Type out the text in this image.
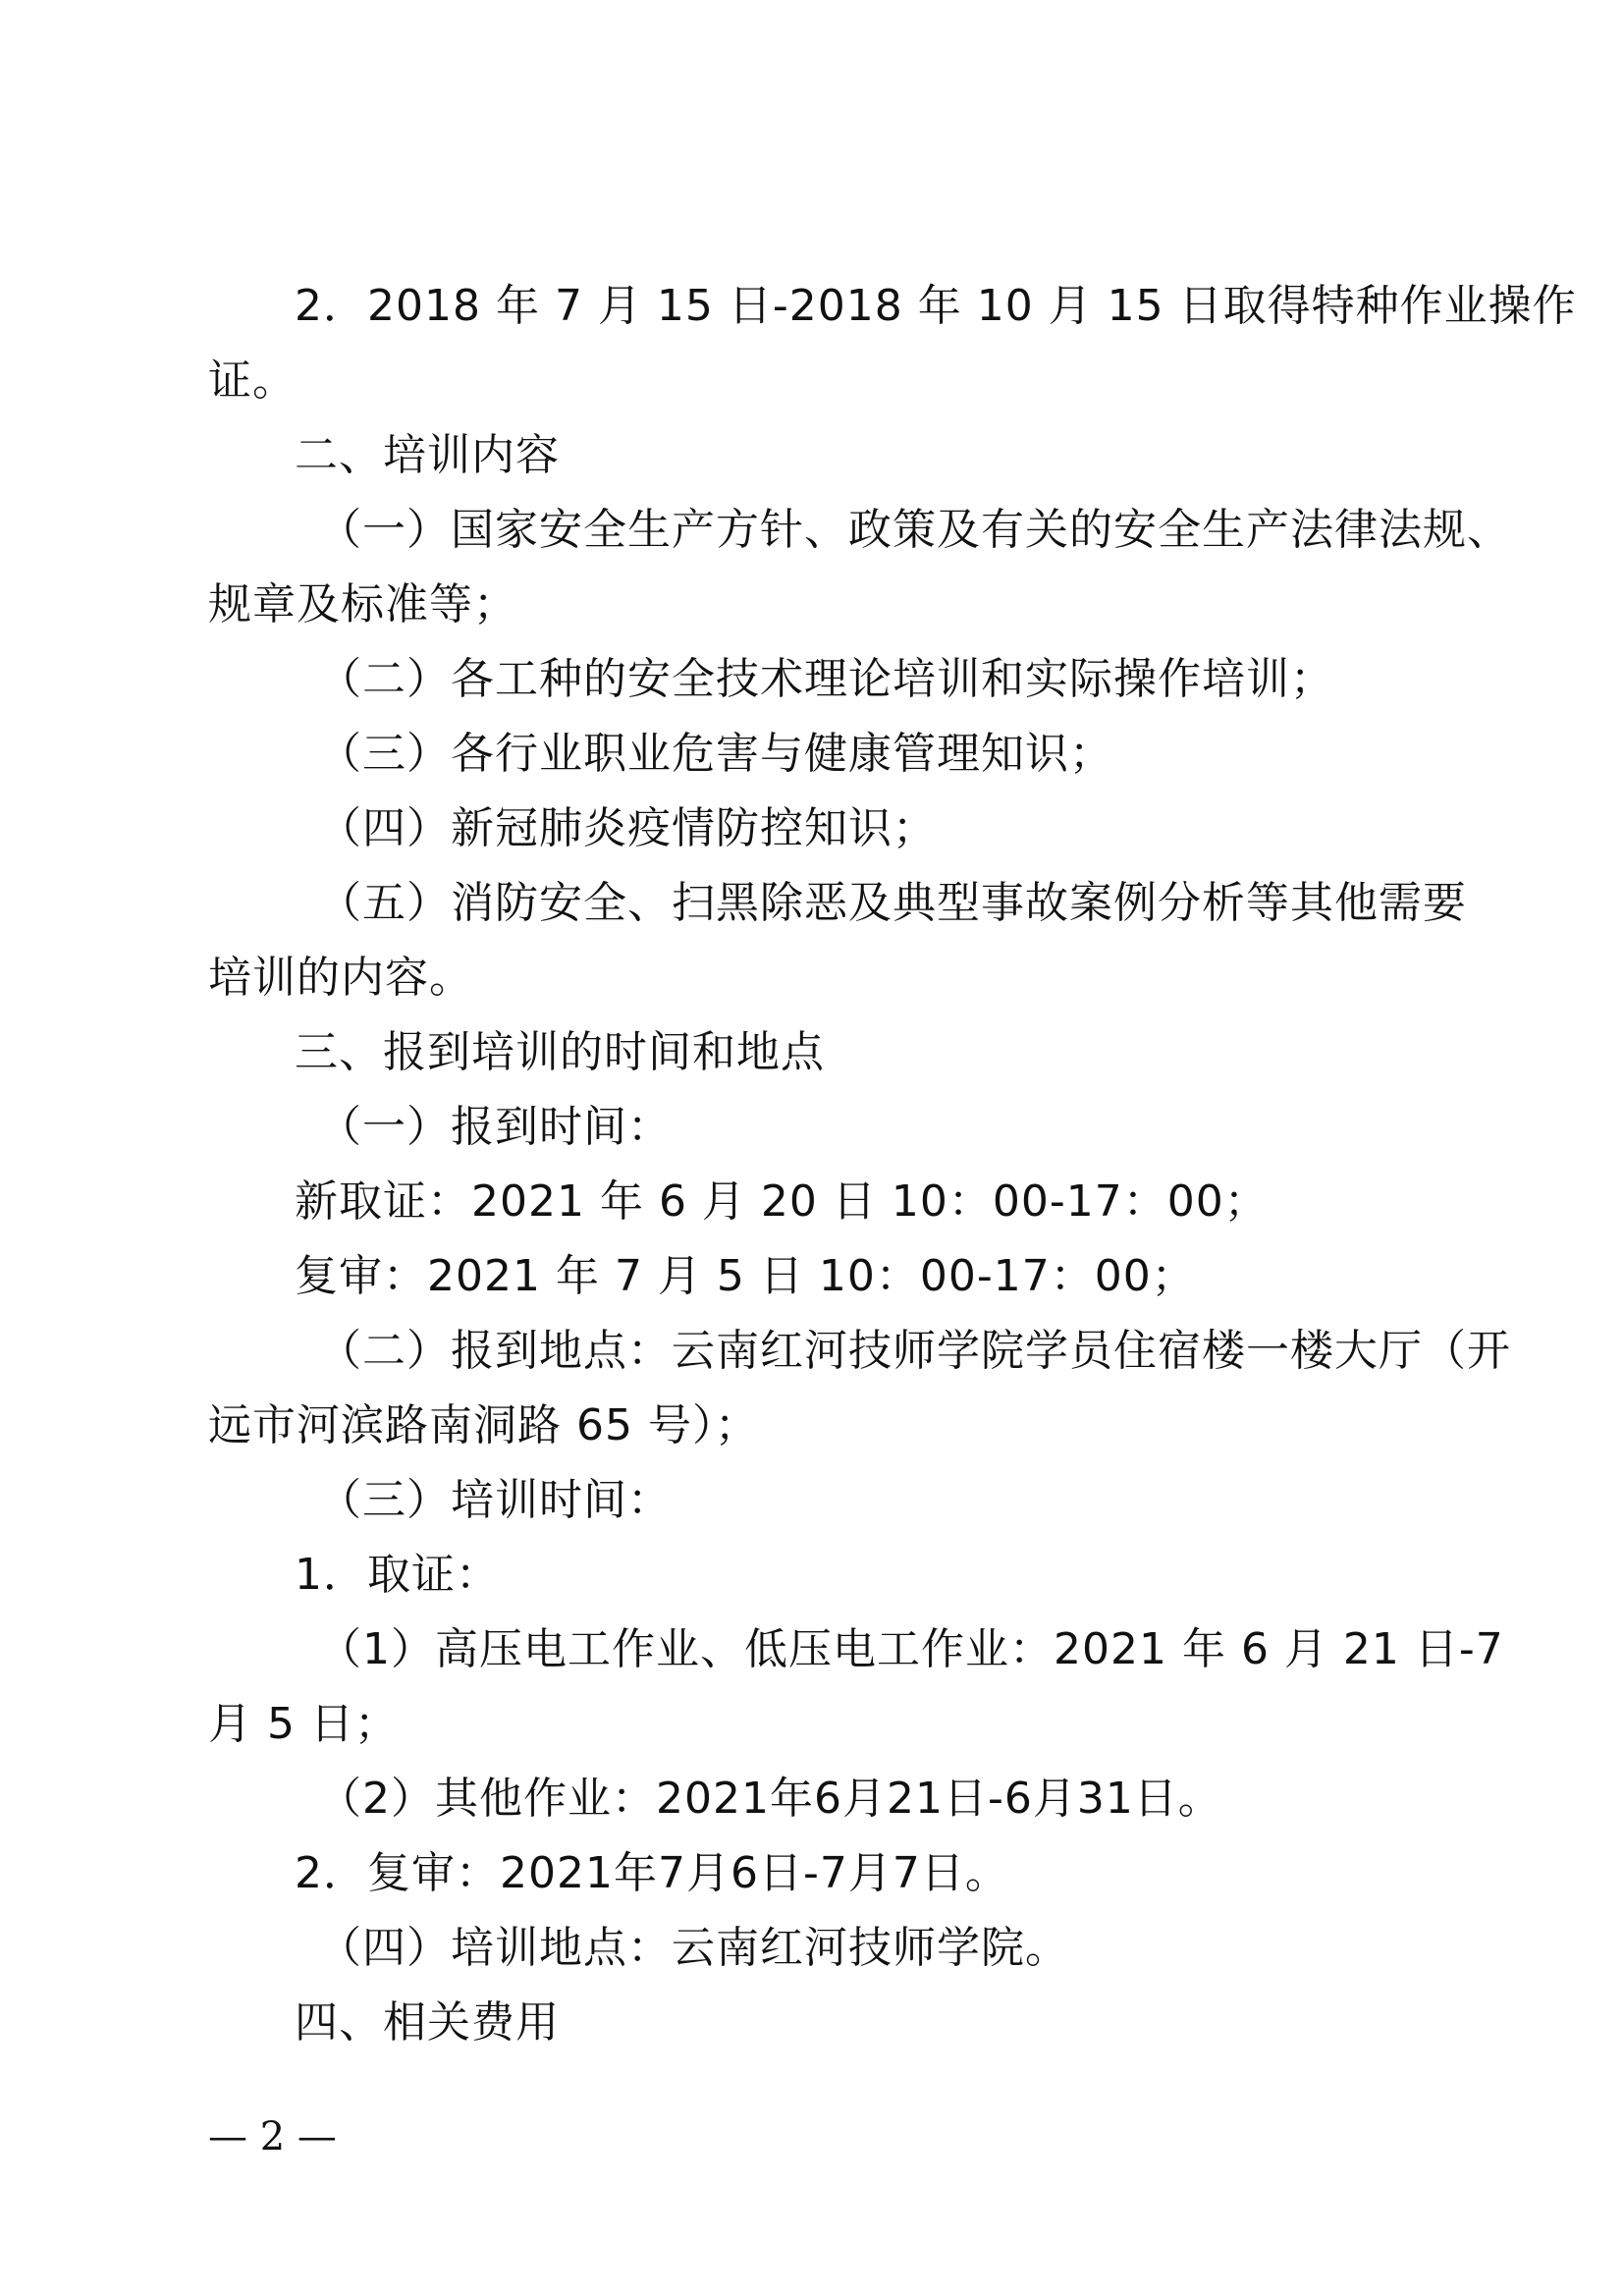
2．2018 年 7 月 15 日-2018 年 10 月 15 日取得特种作业操作
证。
二、培训内容
（一）国家安全生产方针、政策及有关的安全生产法律法规、
规章及标准等；
（二）各工种的安全技术理论培训和实际操作培训；
（三）各行业职业危害与健康管理知识；
（四）新冠肺炎疫情防控知识；
（五）消防安全、扫黑除恶及典型事故案例分析等其他需要
培训的内容。
三、报到培训的时间和地点
（一）报到时间：
新取证：2021 年 6 月 20 日 10：00-17：00；
复审：2021 年 7 月 5 日 10：00-17：00；
（二）报到地点：云南红河技师学院学员住宿楼一楼大厅（开
远市河滨路南洞路 65 号）；
（三）培训时间：
1．取证：
（1）高压电工作业、低压电工作业：2021 年 6 月 21 日-7
月 5 日；
（2）其他作业：2021年6月21日-6月31日。
2．复审：2021年7月6日-7月7日。
（四）培训地点：云南红河技师学院。
四、相关费用
— 2 —
